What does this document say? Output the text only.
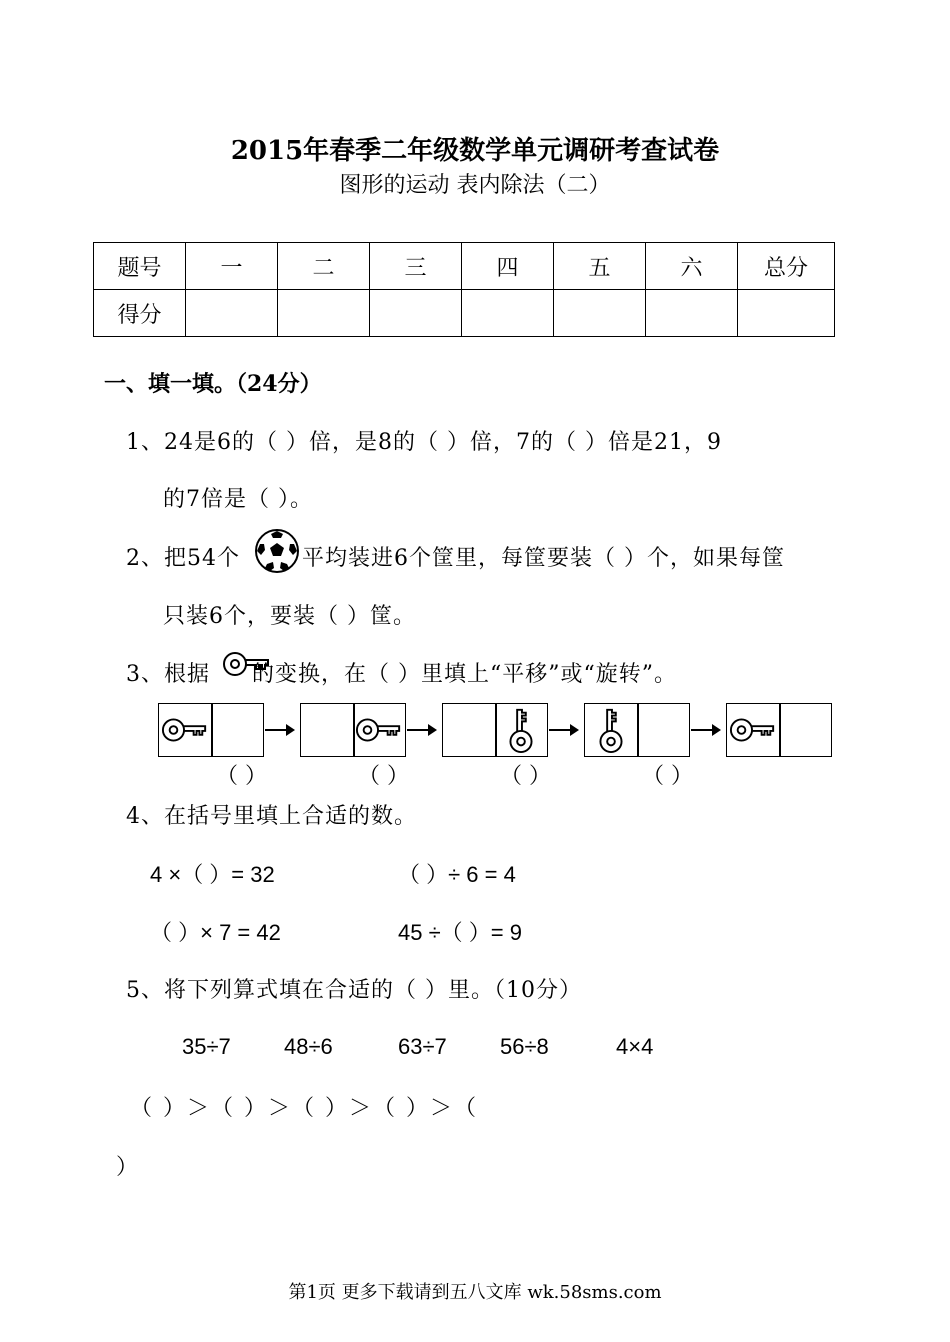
2015年春季二年级数学单元调研考查试卷
图形的运动 表内除法（二）
题号	一	二	三	四	五	六	总分
得分							
一、填一填。（24分）
1、24是6的（ ）倍，是8的（ ）倍，7的（ ）倍是21，9
的7倍是（ ）。
2、把54个	平均装进6个筐里，每筐要装（ ）个，如果每筐
只装6个，要装（ ）筐。
3、根据 的变换，在（ ）里填上“平移”或“旋转”。
（ ）	（ ）	（ ）	（ ）
4、在括号里填上合适的数。
4 ×（ ）= 32	（ ）÷ 6 = 4
（ ）× 7 = 42	45 ÷（ ）= 9
5、将下列算式填在合适的（ ）里。（10分）
35÷7 48÷6	63÷7 56÷8	4×4
（ ）＞（ ）＞（ ）＞（ ）＞（
）
第1页 更多下载请到五八文库 wk.58sms.com
